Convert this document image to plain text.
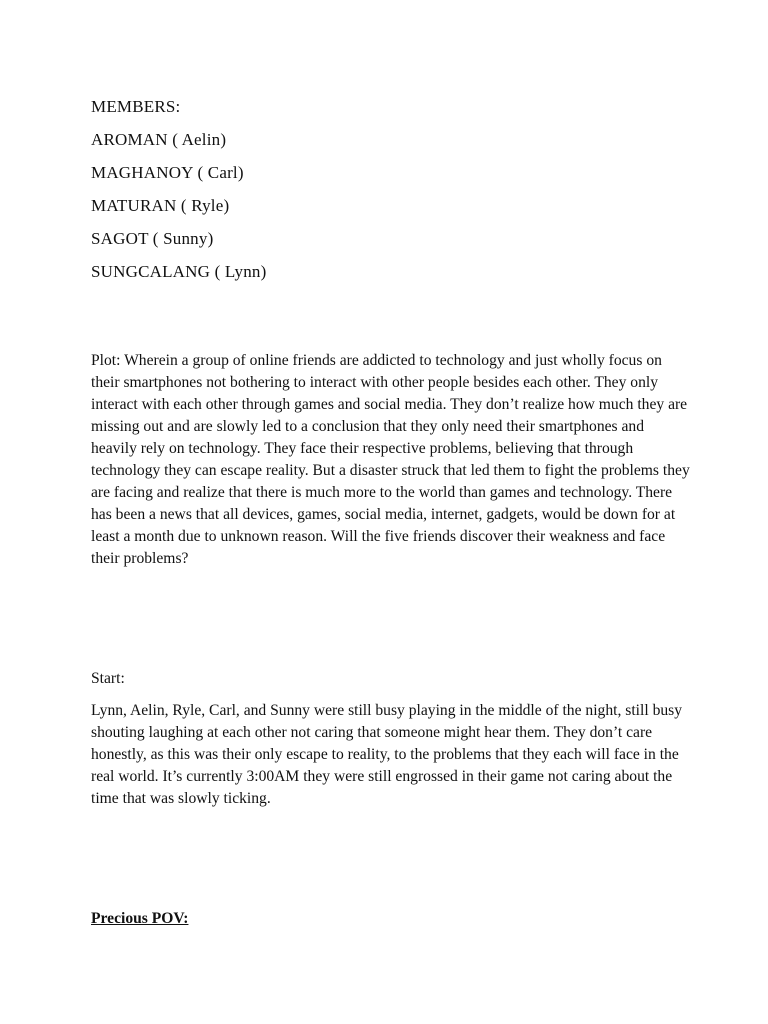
MEMBERS:
AROMAN ( Aelin)
MAGHANOY ( Carl)
MATURAN ( Ryle)
SAGOT ( Sunny)
SUNGCALANG ( Lynn)

Plot: Wherein a group of online friends are addicted to technology and just wholly focus on their smartphones not bothering to interact with other people besides each other. They only interact with each other through games and social media. They don’t realize how much they are missing out and are slowly led to a conclusion that they only need their smartphones and heavily rely on technology. They face their respective problems, believing that through technology they can escape reality. But a disaster struck that led them to fight the problems they are facing and realize that there is much more to the world than games and technology. There has been a news that all devices, games, social media, internet, gadgets, would be down for at least a month due to unknown reason. Will the five friends discover their weakness and face their problems?

Start:

Lynn, Aelin, Ryle, Carl, and Sunny were still busy playing in the middle of the night, still busy shouting laughing at each other not caring that someone might hear them. They don’t care honestly, as this was their only escape to reality, to the problems that they each will face in the real world. It’s currently 3:00AM they were still engrossed in their game not caring about the time that was slowly ticking.

Precious POV:
